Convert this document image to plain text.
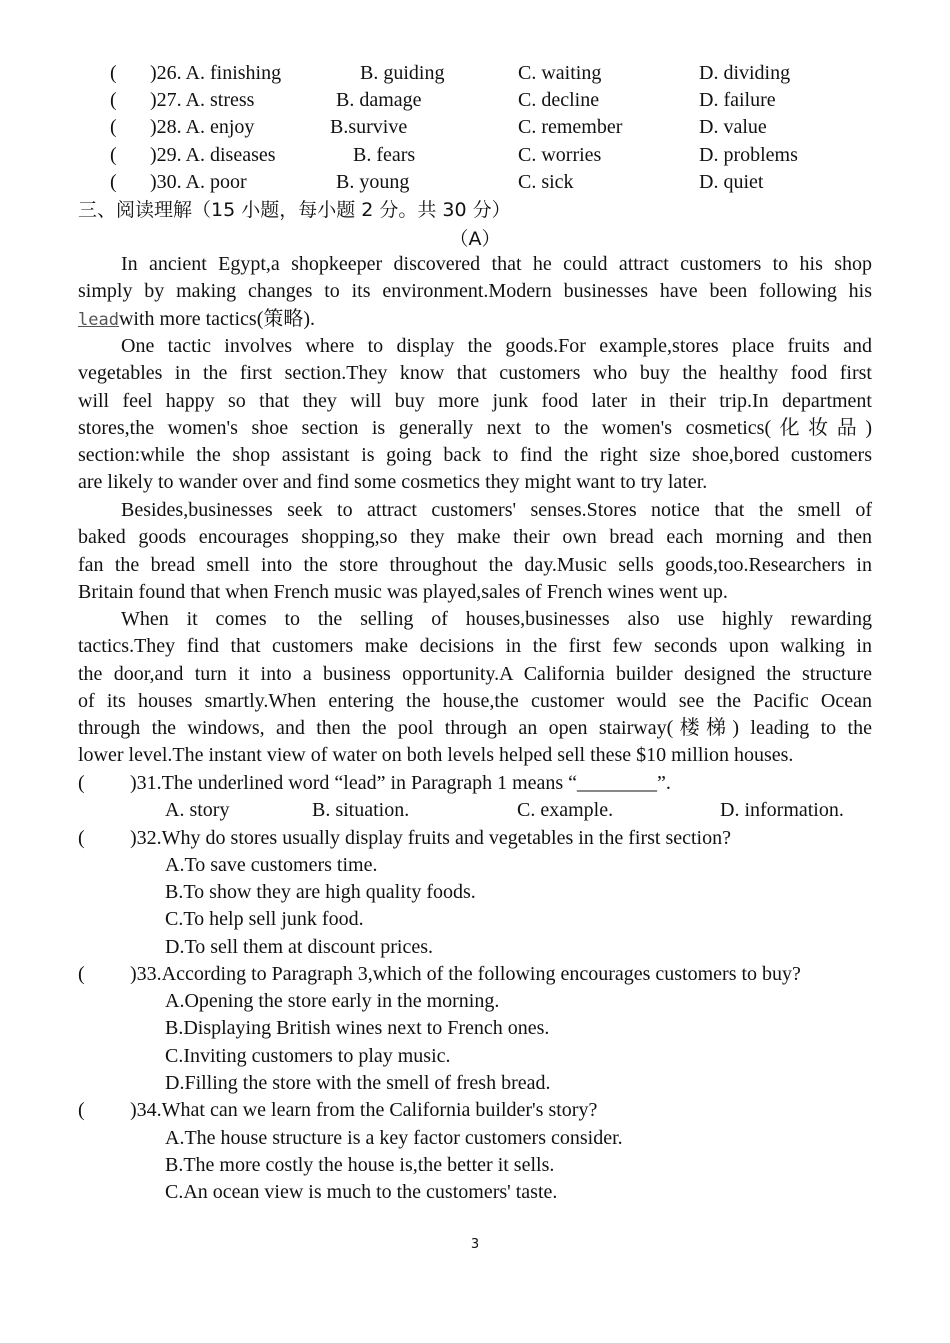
( )26. A. finishing	B. guiding	C. waiting	D. dividing
( )27. A. stress	B. damage	C. decline	D. failure
( )28. A. enjoy	B.survive	C. remember	D. value
( )29. A. diseases	B. fears	C. worries	D. problems
( )30. A. poor	B. young	C. sick	D. quiet
三、阅读理解（15 小题，每小题 2 分。共 30 分）
（A）
In ancient Egypt,a shopkeeper discovered that he could attract customers to his shop
simply by making changes to its environment.Modern businesses have been following his
leadwith more tactics(策略).
One tactic involves where to display the goods.For example,stores place fruits and
vegetables in the first section.They know that customers who buy the healthy food first
will feel happy so that they will buy more junk food later in their trip.In department
stores,the women's shoe section is generally next to the women's cosmetics(化妆品)
section:while the shop assistant is going back to find the right size shoe,bored customers
are likely to wander over and find some cosmetics they might want to try later.
Besides,businesses seek to attract customers' senses.Stores notice that the smell of
baked goods encourages shopping,so they make their own bread each morning and then
fan the bread smell into the store throughout the day.Music sells goods,too.Researchers in
Britain found that when French music was played,sales of French wines went up.
When it comes to the selling of houses,businesses also use highly rewarding
tactics.They find that customers make decisions in the first few seconds upon walking in
the door,and turn it into a business opportunity.A California builder designed the structure
of its houses smartly.When entering the house,the customer would see the Pacific Ocean
through the windows, and then the pool through an open stairway(楼梯) leading to the
lower level.The instant view of water on both levels helped sell these $10 million houses.
( )31.The underlined word “lead” in Paragraph 1 means “________”.
A. story	B. situation.	C. example.	D. information.
( )32.Why do stores usually display fruits and vegetables in the first section?
A.To save customers time.
B.To show they are high quality foods.
C.To help sell junk food.
D.To sell them at discount prices.
( )33.According to Paragraph 3,which of the following encourages customers to buy?
A.Opening the store early in the morning.
B.Displaying British wines next to French ones.
C.Inviting customers to play music.
D.Filling the store with the smell of fresh bread.
( )34.What can we learn from the California builder's story?
A.The house structure is a key factor customers consider.
B.The more costly the house is,the better it sells.
C.An ocean view is much to the customers' taste.
3
